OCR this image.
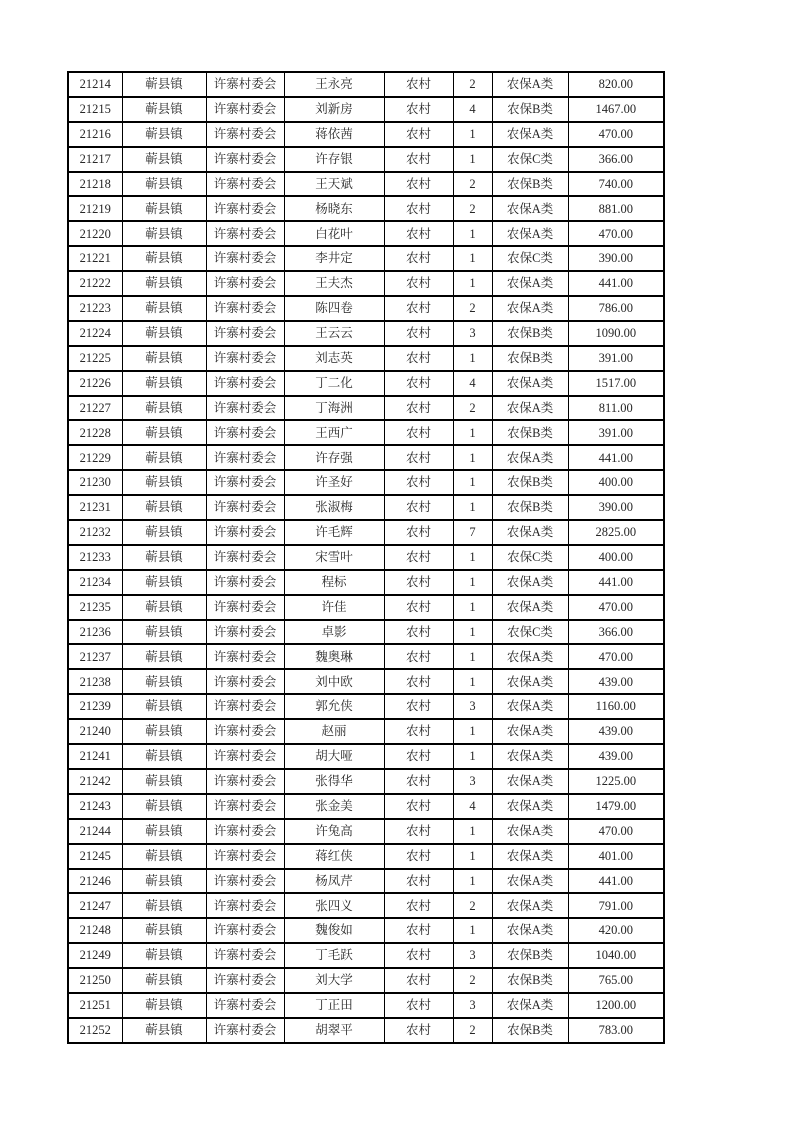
21214	蕲县镇	许寨村委会	王永亮	农村	2	农保A类	820.00
21215	蕲县镇	许寨村委会	刘新房	农村	4	农保B类	1467.00
21216	蕲县镇	许寨村委会	蒋依茜	农村	1	农保A类	470.00
21217	蕲县镇	许寨村委会	许存银	农村	1	农保C类	366.00
21218	蕲县镇	许寨村委会	王天斌	农村	2	农保B类	740.00
21219	蕲县镇	许寨村委会	杨晓东	农村	2	农保A类	881.00
21220	蕲县镇	许寨村委会	白花叶	农村	1	农保A类	470.00
21221	蕲县镇	许寨村委会	李井定	农村	1	农保C类	390.00
21222	蕲县镇	许寨村委会	王夫杰	农村	1	农保A类	441.00
21223	蕲县镇	许寨村委会	陈四卷	农村	2	农保A类	786.00
21224	蕲县镇	许寨村委会	王云云	农村	3	农保B类	1090.00
21225	蕲县镇	许寨村委会	刘志英	农村	1	农保B类	391.00
21226	蕲县镇	许寨村委会	丁二化	农村	4	农保A类	1517.00
21227	蕲县镇	许寨村委会	丁海洲	农村	2	农保A类	811.00
21228	蕲县镇	许寨村委会	王西广	农村	1	农保B类	391.00
21229	蕲县镇	许寨村委会	许存强	农村	1	农保A类	441.00
21230	蕲县镇	许寨村委会	许圣好	农村	1	农保B类	400.00
21231	蕲县镇	许寨村委会	张淑梅	农村	1	农保B类	390.00
21232	蕲县镇	许寨村委会	许毛辉	农村	7	农保A类	2825.00
21233	蕲县镇	许寨村委会	宋雪叶	农村	1	农保C类	400.00
21234	蕲县镇	许寨村委会	程标	农村	1	农保A类	441.00
21235	蕲县镇	许寨村委会	许佳	农村	1	农保A类	470.00
21236	蕲县镇	许寨村委会	卓影	农村	1	农保C类	366.00
21237	蕲县镇	许寨村委会	魏奥琳	农村	1	农保A类	470.00
21238	蕲县镇	许寨村委会	刘中欧	农村	1	农保A类	439.00
21239	蕲县镇	许寨村委会	郭允侠	农村	3	农保A类	1160.00
21240	蕲县镇	许寨村委会	赵丽	农村	1	农保A类	439.00
21241	蕲县镇	许寨村委会	胡大哑	农村	1	农保A类	439.00
21242	蕲县镇	许寨村委会	张得华	农村	3	农保A类	1225.00
21243	蕲县镇	许寨村委会	张金美	农村	4	农保A类	1479.00
21244	蕲县镇	许寨村委会	许兔高	农村	1	农保A类	470.00
21245	蕲县镇	许寨村委会	蒋红侠	农村	1	农保A类	401.00
21246	蕲县镇	许寨村委会	杨凤芹	农村	1	农保A类	441.00
21247	蕲县镇	许寨村委会	张四义	农村	2	农保A类	791.00
21248	蕲县镇	许寨村委会	魏俊如	农村	1	农保A类	420.00
21249	蕲县镇	许寨村委会	丁毛跃	农村	3	农保B类	1040.00
21250	蕲县镇	许寨村委会	刘大学	农村	2	农保B类	765.00
21251	蕲县镇	许寨村委会	丁正田	农村	3	农保A类	1200.00
21252	蕲县镇	许寨村委会	胡翠平	农村	2	农保B类	783.00
